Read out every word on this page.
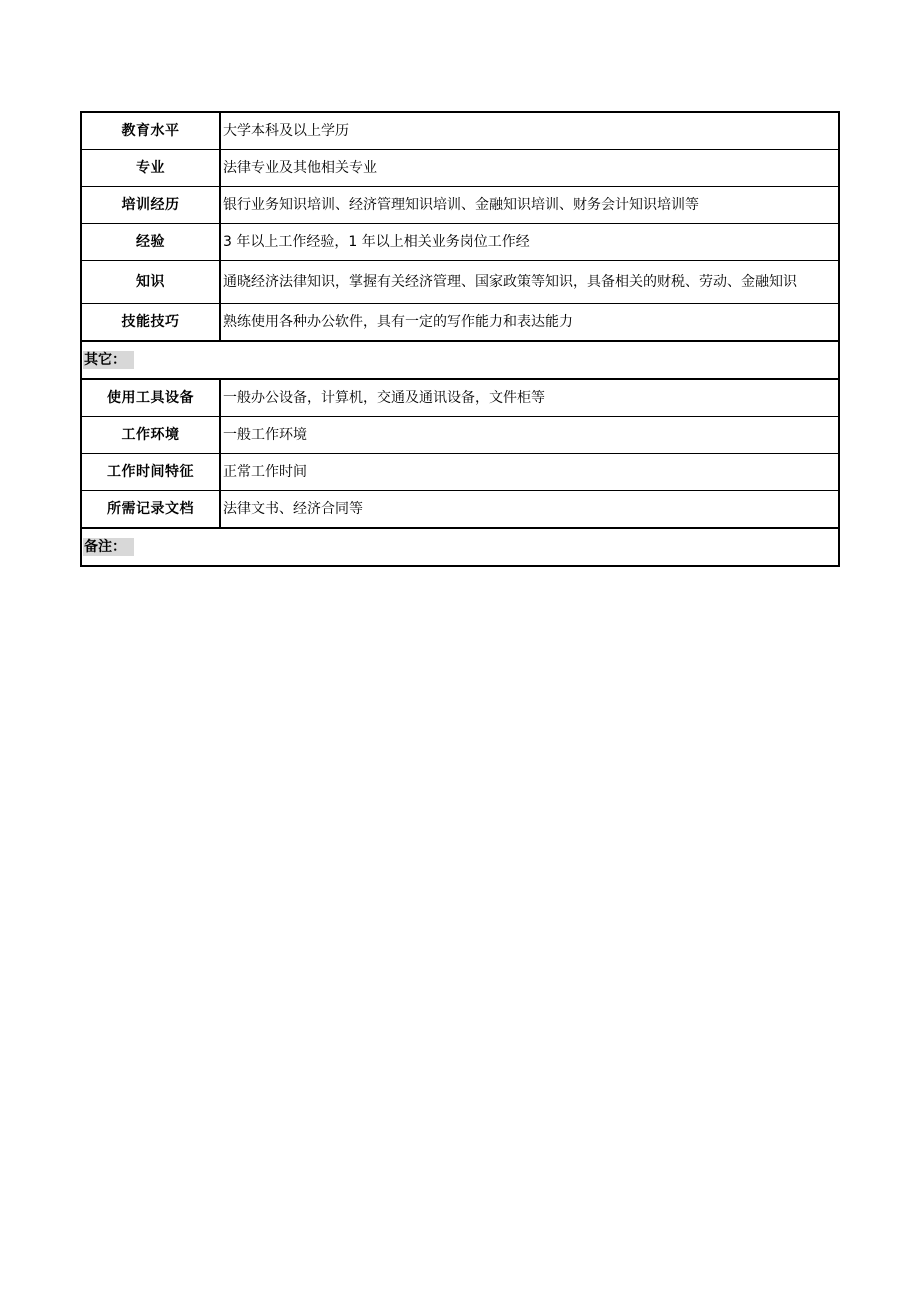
教育水平	大学本科及以上学历
专业	法律专业及其他相关专业
培训经历	银行业务知识培训、经济管理知识培训、金融知识培训、财务会计知识培训等
经验	3 年以上工作经验，1 年以上相关业务岗位工作经
知识	通晓经济法律知识，掌握有关经济管理、国家政策等知识，具备相关的财税、劳动、金融知识
技能技巧	熟练使用各种办公软件，具有一定的写作能力和表达能力
其它：	
使用工具设备	一般办公设备，计算机，交通及通讯设备，文件柜等
工作环境	一般工作环境
工作时间特征	正常工作时间
所需记录文档	法律文书、经济合同等
备注：	
